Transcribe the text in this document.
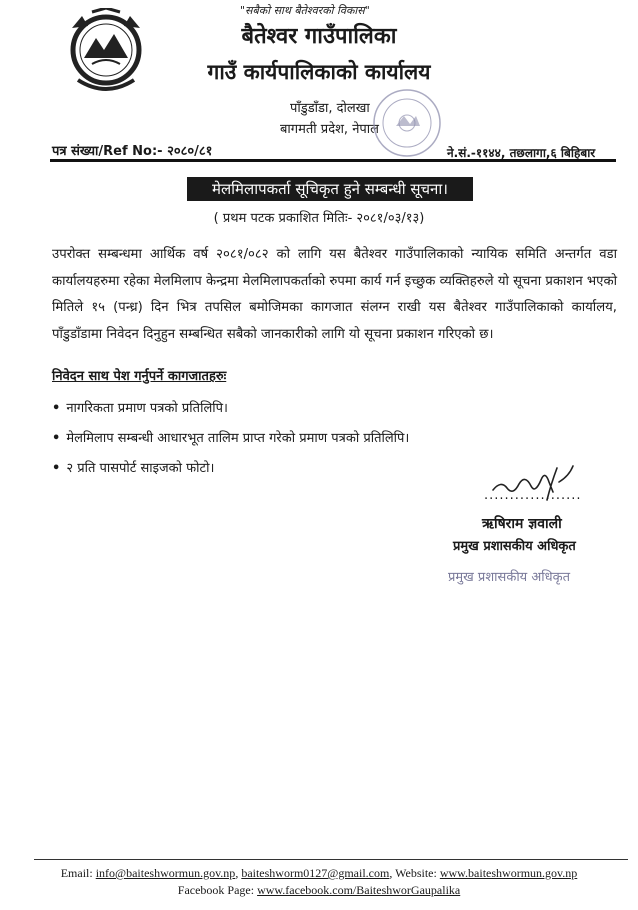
"सबैको साथ बैतेश्वरको विकास"
बैतेश्वर गाउँपालिका
गाउँ कार्यपालिकाको कार्यालय
पाँडुडाँडा, दोलखा
बागमती प्रदेश, नेपाल
पत्र संख्या/Ref No:- २०८०/८१	ने.सं.-११४४, तछलागा,६ बिहिबार
मेलमिलापकर्ता सूचिकृत हुने सम्बन्धी सूचना।
( प्रथम पटक प्रकाशित मितिः- २०८१/०३/१३)
उपरोक्त सम्बन्धमा आर्थिक वर्ष २०८१/०८२ को लागि यस बैतेश्वर गाउँपालिकाको न्यायिक समिति अन्तर्गत वडा कार्यालयहरुमा रहेका मेलमिलाप केन्द्रमा मेलमिलापकर्ताको रुपमा कार्य गर्न इच्छुक व्यक्तिहरुले यो सूचना प्रकाशन भएको मितिले १५ (पन्ध्र) दिन भित्र तपसिल बमोजिमका कागजात संलग्न राखी यस बैतेश्वर गाउँपालिकाको कार्यालय, पाँडुडाँडामा निवेदन दिनुहुन सम्बन्धित सबैको जानकारीको लागि यो सूचना प्रकाशन गरिएको छ।
निवेदन साथ पेश गर्नुपर्ने कागजातहरुः
• नागरिकता प्रमाण पत्रको प्रतिलिपि।
• मेलमिलाप सम्बन्धी आधारभूत तालिम प्राप्त गरेको प्रमाण पत्रको प्रतिलिपि।
• २ प्रति पासपोर्ट साइजको फोटो।
...................
ऋषिराम ज्ञवाली
प्रमुख प्रशासकीय अधिकृत
प्रमुख प्रशासकीय अधिकृत
Email: info@baiteshwormun.gov.np, baiteshworm0127@gmail.com, Website: www.baiteshwormun.gov.np
Facebook Page: www.facebook.com/BaiteshworGaupalika
